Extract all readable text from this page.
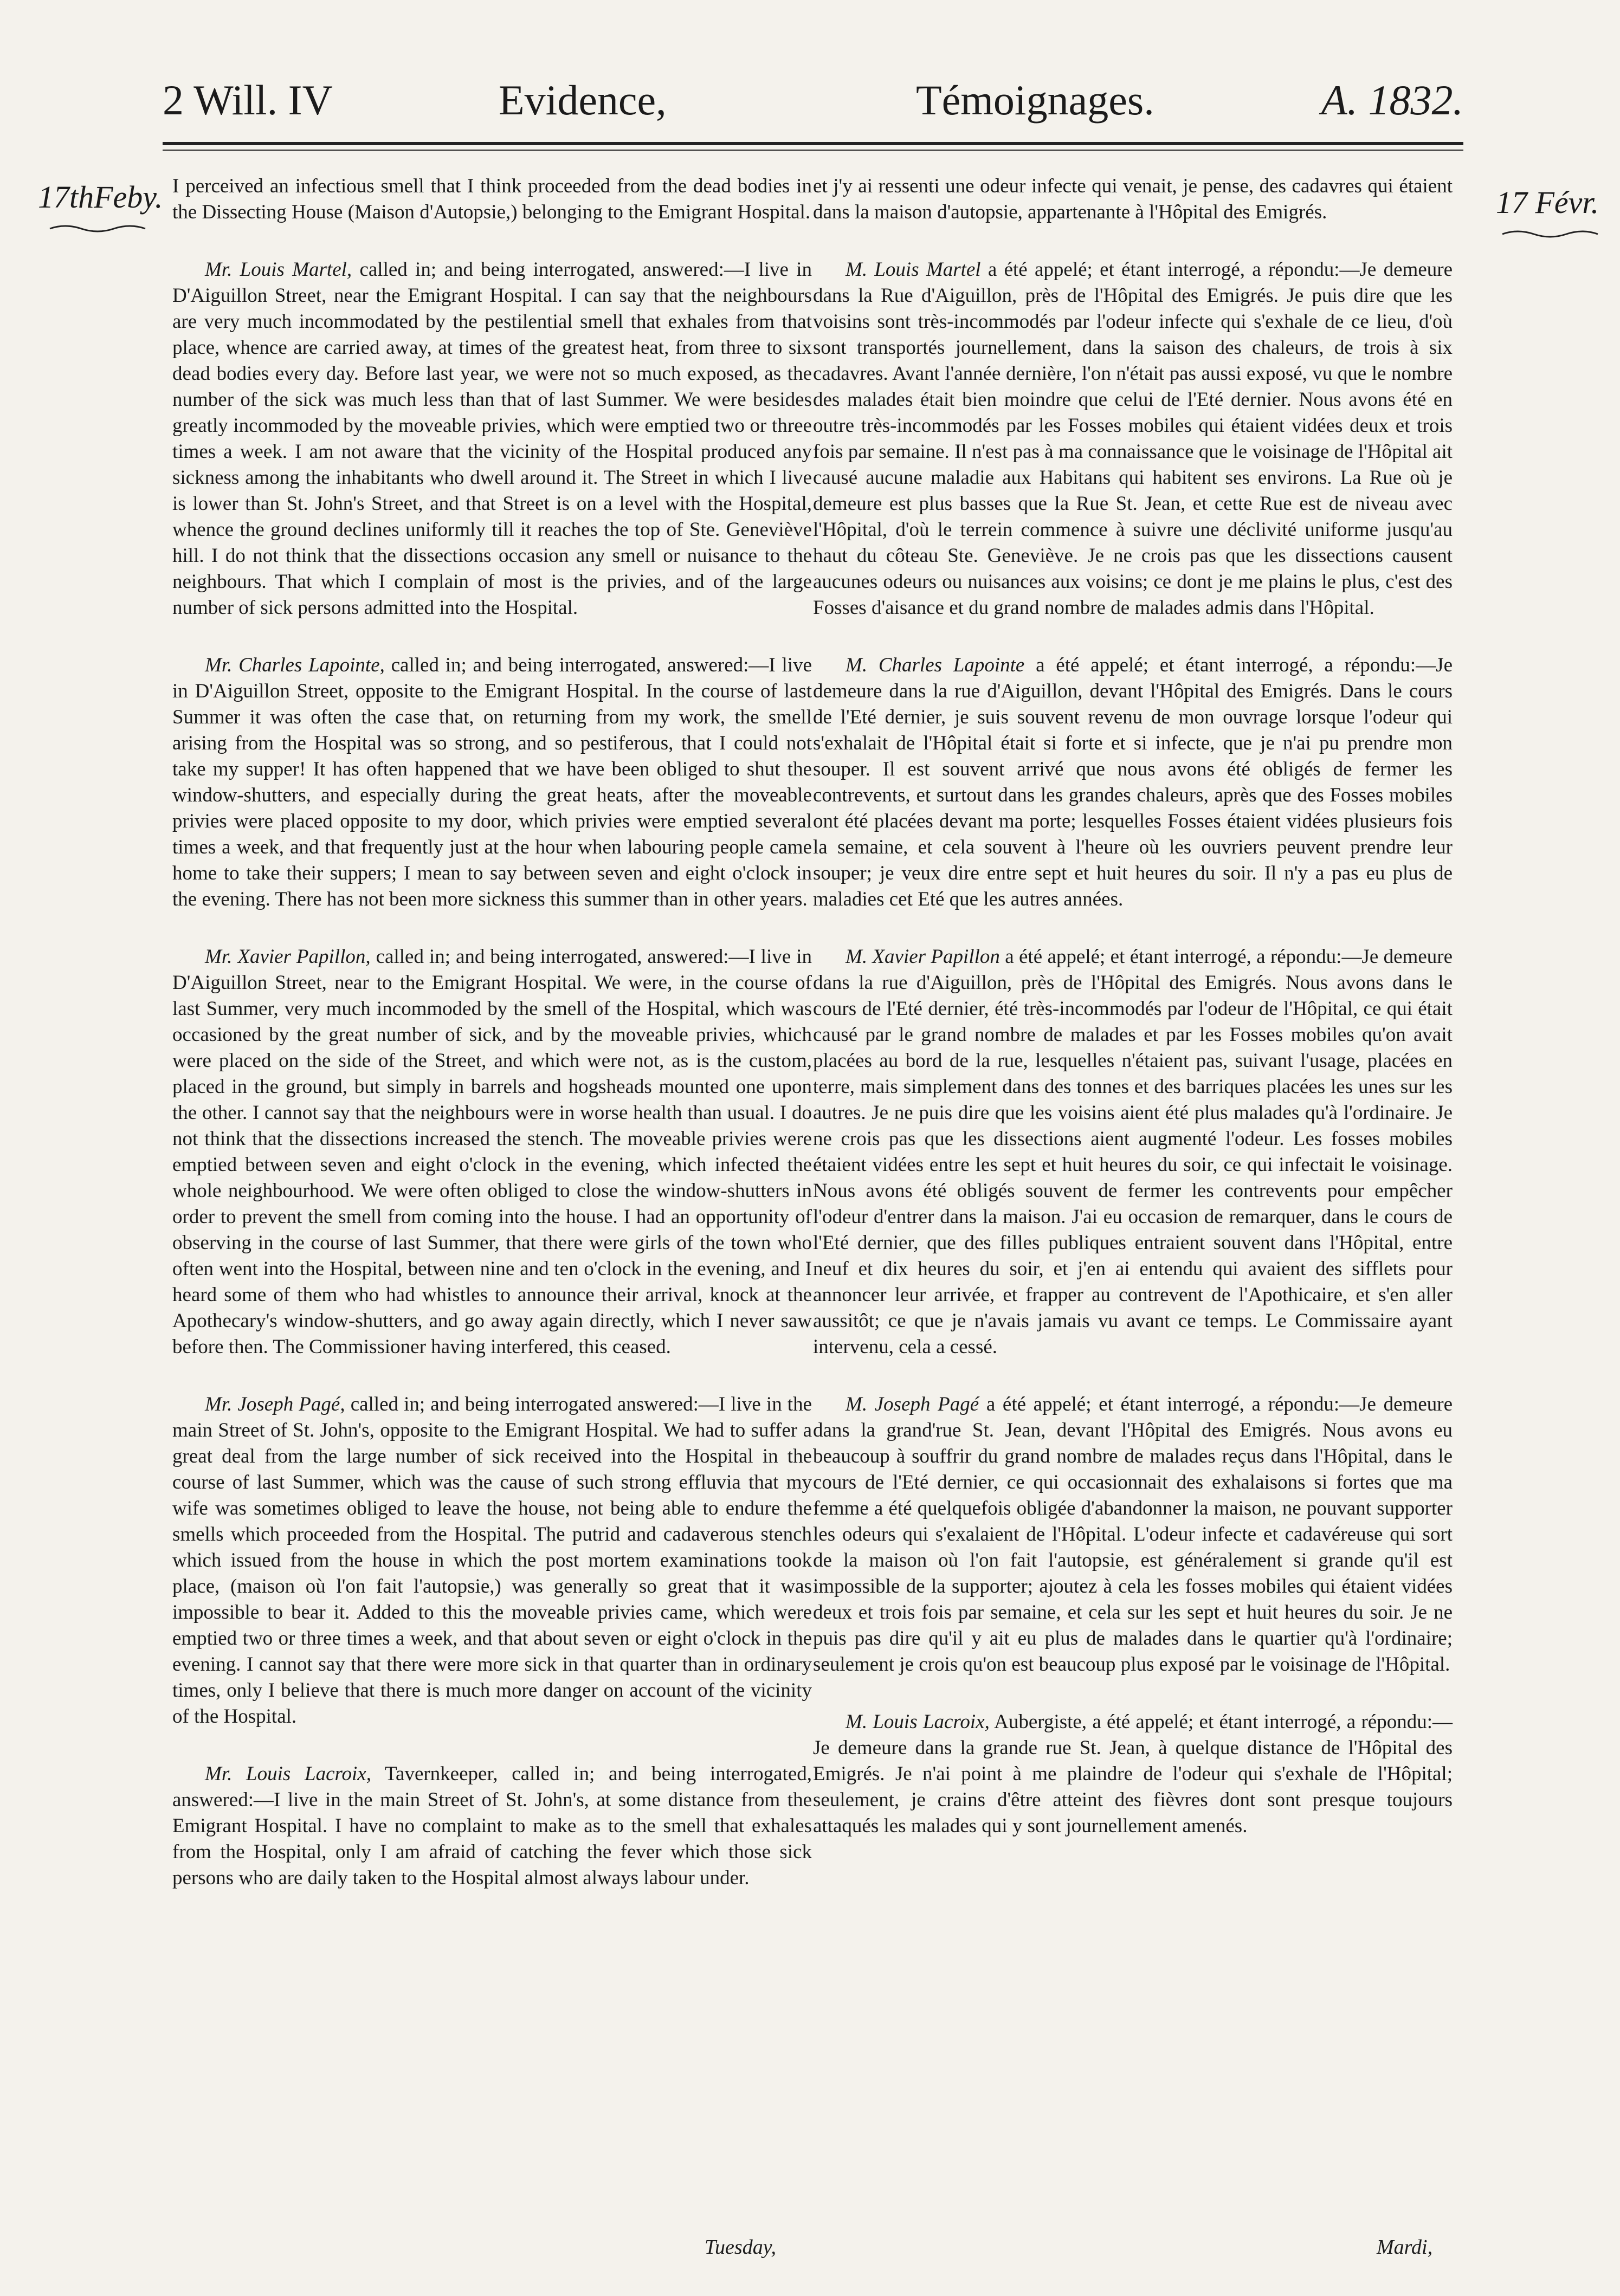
2 Will. IV	Evidence,	Témoignages.	A. 1832.
17thFeby.	17 Févr.

I perceived an infectious smell that I think proceeded from the dead bodies in the Dissecting House (Maison d'Autopsie,) belonging to the Emigrant Hospital.

Mr. Louis Martel, called in; and being interrogated, answered:—I live in D'Aiguillon Street, near the Emigrant Hospital. I can say that the neighbours are very much incommodated by the pestilential smell that exhales from that place, whence are carried away, at times of the greatest heat, from three to six dead bodies every day. Before last year, we were not so much exposed, as the number of the sick was much less than that of last Summer. We were besides greatly incommoded by the moveable privies, which were emptied two or three times a week. I am not aware that the vicinity of the Hospital produced any sickness among the inhabitants who dwell around it. The Street in which I live is lower than St. John's Street, and that Street is on a level with the Hospital, whence the ground declines uniformly till it reaches the top of Ste. Geneviève hill. I do not think that the dissections occasion any smell or nuisance to the neighbours. That which I complain of most is the privies, and of the large number of sick persons admitted into the Hospital.

Mr. Charles Lapointe, called in; and being interrogated, answered:—I live in D'Aiguillon Street, opposite to the Emigrant Hospital. In the course of last Summer it was often the case that, on returning from my work, the smell arising from the Hospital was so strong, and so pestiferous, that I could not take my supper! It has often happened that we have been obliged to shut the window-shutters, and especially during the great heats, after the moveable privies were placed opposite to my door, which privies were emptied several times a week, and that frequently just at the hour when labouring people came home to take their suppers; I mean to say between seven and eight o'clock in the evening. There has not been more sickness this summer than in other years.

Mr. Xavier Papillon, called in; and being interrogated, answered:—I live in D'Aiguillon Street, near to the Emigrant Hospital. We were, in the course of last Summer, very much incommoded by the smell of the Hospital, which was occasioned by the great number of sick, and by the moveable privies, which were placed on the side of the Street, and which were not, as is the custom, placed in the ground, but simply in barrels and hogsheads mounted one upon the other. I cannot say that the neighbours were in worse health than usual. I do not think that the dissections increased the stench. The moveable privies were emptied between seven and eight o'clock in the evening, which infected the whole neighbourhood. We were often obliged to close the window-shutters in order to prevent the smell from coming into the house. I had an opportunity of observing in the course of last Summer, that there were girls of the town who often went into the Hospital, between nine and ten o'clock in the evening, and I heard some of them who had whistles to announce their arrival, knock at the Apothecary's window-shutters, and go away again directly, which I never saw before then. The Commissioner having interfered, this ceased.

Mr. Joseph Pagé, called in; and being interrogated answered:—I live in the main Street of St. John's, opposite to the Emigrant Hospital. We had to suffer a great deal from the large number of sick received into the Hospital in the course of last Summer, which was the cause of such strong effluvia that my wife was sometimes obliged to leave the house, not being able to endure the smells which proceeded from the Hospital. The putrid and cadaverous stench which issued from the house in which the post mortem examinations took place, (maison où l'on fait l'autopsie,) was generally so great that it was impossible to bear it. Added to this the moveable privies came, which were emptied two or three times a week, and that about seven or eight o'clock in the evening. I cannot say that there were more sick in that quarter than in ordinary times, only I believe that there is much more danger on account of the vicinity of the Hospital.

Mr. Louis Lacroix, Tavernkeeper, called in; and being interrogated, answered:—I live in the main Street of St. John's, at some distance from the Emigrant Hospital. I have no complaint to make as to the smell that exhales from the Hospital, only I am afraid of catching the fever which those sick persons who are daily taken to the Hospital almost always labour under.

et j'y ai ressenti une odeur infecte qui venait, je pense, des cadavres qui étaient dans la maison d'autopsie, appartenante à l'Hôpital des Emigrés.

M. Louis Martel a été appelé; et étant interrogé, a répondu:—Je demeure dans la Rue d'Aiguillon, près de l'Hôpital des Emigrés. Je puis dire que les voisins sont très-incommodés par l'odeur infecte qui s'exhale de ce lieu, d'où sont transportés journellement, dans la saison des chaleurs, de trois à six cadavres. Avant l'année dernière, l'on n'était pas aussi exposé, vu que le nombre des malades était bien moindre que celui de l'Eté dernier. Nous avons été en outre très-incommodés par les Fosses mobiles qui étaient vidées deux et trois fois par semaine. Il n'est pas à ma connaissance que le voisinage de l'Hôpital ait causé aucune maladie aux Habitans qui habitent ses environs. La Rue où je demeure est plus basses que la Rue St. Jean, et cette Rue est de niveau avec l'Hôpital, d'où le terrein commence à suivre une déclivité uniforme jusqu'au haut du côteau Ste. Geneviève. Je ne crois pas que les dissections causent aucunes odeurs ou nuisances aux voisins; ce dont je me plains le plus, c'est des Fosses d'aisance et du grand nombre de malades admis dans l'Hôpital.

M. Charles Lapointe a été appelé; et étant interrogé, a répondu:—Je demeure dans la rue d'Aiguillon, devant l'Hôpital des Emigrés. Dans le cours de l'Eté dernier, je suis souvent revenu de mon ouvrage lorsque l'odeur qui s'exhalait de l'Hôpital était si forte et si infecte, que je n'ai pu prendre mon souper. Il est souvent arrivé que nous avons été obligés de fermer les contrevents, et surtout dans les grandes chaleurs, après que des Fosses mobiles ont été placées devant ma porte; lesquelles Fosses étaient vidées plusieurs fois la semaine, et cela souvent à l'heure où les ouvriers peuvent prendre leur souper; je veux dire entre sept et huit heures du soir. Il n'y a pas eu plus de maladies cet Eté que les autres années.

M. Xavier Papillon a été appelé; et étant interrogé, a répondu:—Je demeure dans la rue d'Aiguillon, près de l'Hôpital des Emigrés. Nous avons dans le cours de l'Eté dernier, été très-incommodés par l'odeur de l'Hôpital, ce qui était causé par le grand nombre de malades et par les Fosses mobiles qu'on avait placées au bord de la rue, lesquelles n'étaient pas, suivant l'usage, placées en terre, mais simplement dans des tonnes et des barriques placées les unes sur les autres. Je ne puis dire que les voisins aient été plus malades qu'à l'ordinaire. Je ne crois pas que les dissections aient augmenté l'odeur. Les fosses mobiles étaient vidées entre les sept et huit heures du soir, ce qui infectait le voisinage. Nous avons été obligés souvent de fermer les contrevents pour empêcher l'odeur d'entrer dans la maison. J'ai eu occasion de remarquer, dans le cours de l'Eté dernier, que des filles publiques entraient souvent dans l'Hôpital, entre neuf et dix heures du soir, et j'en ai entendu qui avaient des sifflets pour annoncer leur arrivée, et frapper au contrevent de l'Apothicaire, et s'en aller aussitôt; ce que je n'avais jamais vu avant ce temps. Le Commissaire ayant intervenu, cela a cessé.

M. Joseph Pagé a été appelé; et étant interrogé, a répondu:—Je demeure dans la grand'rue St. Jean, devant l'Hôpital des Emigrés. Nous avons eu beaucoup à souffrir du grand nombre de malades reçus dans l'Hôpital, dans le cours de l'Eté dernier, ce qui occasionnait des exhalaisons si fortes que ma femme a été quelquefois obligée d'abandonner la maison, ne pouvant supporter les odeurs qui s'exalaient de l'Hôpital. L'odeur infecte et cadavéreuse qui sort de la maison où l'on fait l'autopsie, est généralement si grande qu'il est impossible de la supporter; ajoutez à cela les fosses mobiles qui étaient vidées deux et trois fois par semaine, et cela sur les sept et huit heures du soir. Je ne puis pas dire qu'il y ait eu plus de malades dans le quartier qu'à l'ordinaire; seulement je crois qu'on est beaucoup plus exposé par le voisinage de l'Hôpital.

M. Louis Lacroix, Aubergiste, a été appelé; et étant interrogé, a répondu:—Je demeure dans la grande rue St. Jean, à quelque distance de l'Hôpital des Emigrés. Je n'ai point à me plaindre de l'odeur qui s'exhale de l'Hôpital; seulement, je crains d'être atteint des fièvres dont sont presque toujours attaqués les malades qui y sont journellement amenés.

Tuesday,	Mardi,
